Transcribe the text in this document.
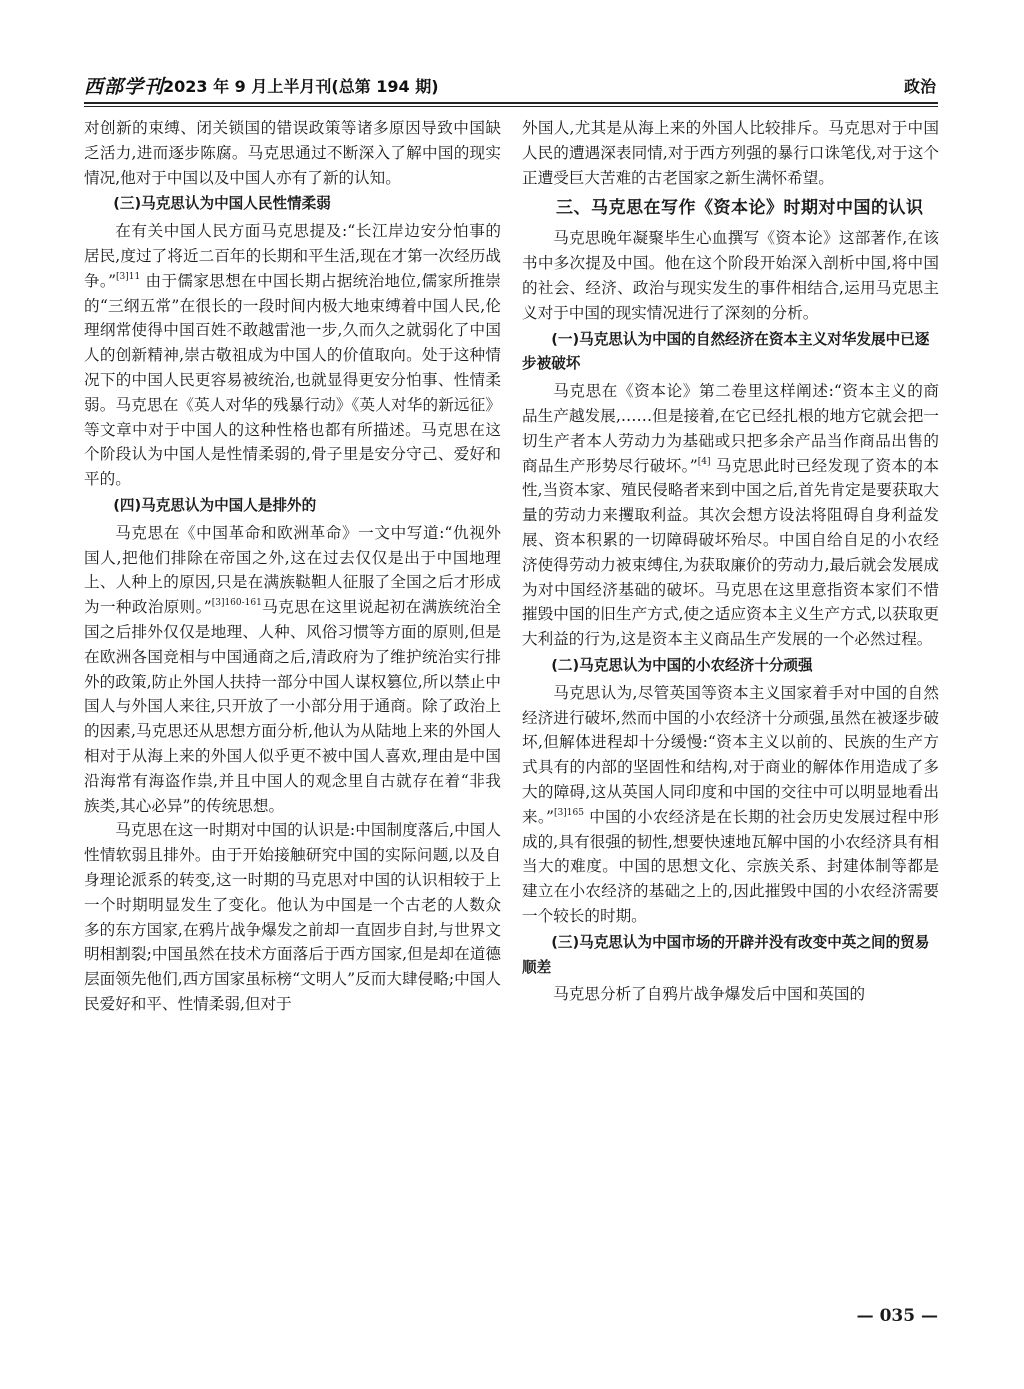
西部学刊
2023 年 9 月上半月刊(总第 194 期)	政治

对创新的束缚、闭关锁国的错误政策等诸多原因导致中国缺乏活力,进而逐步陈腐。马克思通过不断深入了解中国的现实情况,他对于中国以及中国人亦有了新的认知。

(三)马克思认为中国人民性情柔弱

在有关中国人民方面马克思提及:“长江岸边安分怕事的居民,度过了将近二百年的长期和平生活,现在才第一次经历战争。”$^{[3]11}$ 由于儒家思想在中国长期占据统治地位,儒家所推崇的“三纲五常”在很长的一段时间内极大地束缚着中国人民,伦理纲常使得中国百姓不敢越雷池一步,久而久之就弱化了中国人的创新精神,崇古敬祖成为中国人的价值取向。处于这种情况下的中国人民更容易被统治,也就显得更安分怕事、性情柔弱。马克思在《英人对华的残暴行动》《英人对华的新远征》等文章中对于中国人的这种性格也都有所描述。马克思在这个阶段认为中国人是性情柔弱的,骨子里是安分守己、爱好和平的。

(四)马克思认为中国人是排外的

马克思在《中国革命和欧洲革命》一文中写道:“仇视外国人,把他们排除在帝国之外,这在过去仅仅是出于中国地理上、人种上的原因,只是在满族鞑靼人征服了全国之后才形成为一种政治原则。”$^{[3]160-161}$马克思在这里说起初在满族统治全国之后排外仅仅是地理、人种、风俗习惯等方面的原则,但是在欧洲各国竞相与中国通商之后,清政府为了维护统治实行排外的政策,防止外国人扶持一部分中国人谋权篡位,所以禁止中国人与外国人来往,只开放了一小部分用于通商。除了政治上的因素,马克思还从思想方面分析,他认为从陆地上来的外国人相对于从海上来的外国人似乎更不被中国人喜欢,理由是中国沿海常有海盗作祟,并且中国人的观念里自古就存在着“非我族类,其心必异”的传统思想。

马克思在这一时期对中国的认识是:中国制度落后,中国人性情软弱且排外。由于开始接触研究中国的实际问题,以及自身理论派系的转变,这一时期的马克思对中国的认识相较于上一个时期明显发生了变化。他认为中国是一个古老的人数众多的东方国家,在鸦片战争爆发之前却一直固步自封,与世界文明相割裂;中国虽然在技术方面落后于西方国家,但是却在道德层面领先他们,西方国家虽标榜“文明人”反而大肆侵略;中国人民爱好和平、性情柔弱,但对于

外国人,尤其是从海上来的外国人比较排斥。马克思对于中国人民的遭遇深表同情,对于西方列强的暴行口诛笔伐,对于这个正遭受巨大苦难的古老国家之新生满怀希望。

三、马克思在写作《资本论》时期对中国的认识

马克思晚年凝聚毕生心血撰写《资本论》这部著作,在该书中多次提及中国。他在这个阶段开始深入剖析中国,将中国的社会、经济、政治与现实发生的事件相结合,运用马克思主义对于中国的现实情况进行了深刻的分析。

(一)马克思认为中国的自然经济在资本主义对华发展中已逐步被破坏

马克思在《资本论》第二卷里这样阐述:“资本主义的商品生产越发展,……但是接着,在它已经扎根的地方它就会把一切生产者本人劳动力为基础或只把多余产品当作商品出售的商品生产形势尽行破坏。”[4] 马克思此时已经发现了资本的本性,当资本家、殖民侵略者来到中国之后,首先肯定是要获取大量的劳动力来攫取利益。其次会想方设法将阻碍自身利益发展、资本积累的一切障碍破坏殆尽。中国自给自足的小农经济使得劳动力被束缚住,为获取廉价的劳动力,最后就会发展成为对中国经济基础的破坏。马克思在这里意指资本家们不惜摧毁中国的旧生产方式,使之适应资本主义生产方式,以获取更大利益的行为,这是资本主义商品生产发展的一个必然过程。

(二)马克思认为中国的小农经济十分顽强

马克思认为,尽管英国等资本主义国家着手对中国的自然经济进行破坏,然而中国的小农经济十分顽强,虽然在被逐步破坏,但解体进程却十分缓慢:“资本主义以前的、民族的生产方式具有的内部的坚固性和结构,对于商业的解体作用造成了多大的障碍,这从英国人同印度和中国的交往中可以明显地看出来。”$^{[3]165}$ 中国的小农经济是在长期的社会历史发展过程中形成的,具有很强的韧性,想要快速地瓦解中国的小农经济具有相当大的难度。中国的思想文化、宗族关系、封建体制等都是建立在小农经济的基础之上的,因此摧毁中国的小农经济需要一个较长的时期。

(三)马克思认为中国市场的开辟并没有改变中英之间的贸易顺差

马克思分析了自鸦片战争爆发后中国和英国的

— 035 —
